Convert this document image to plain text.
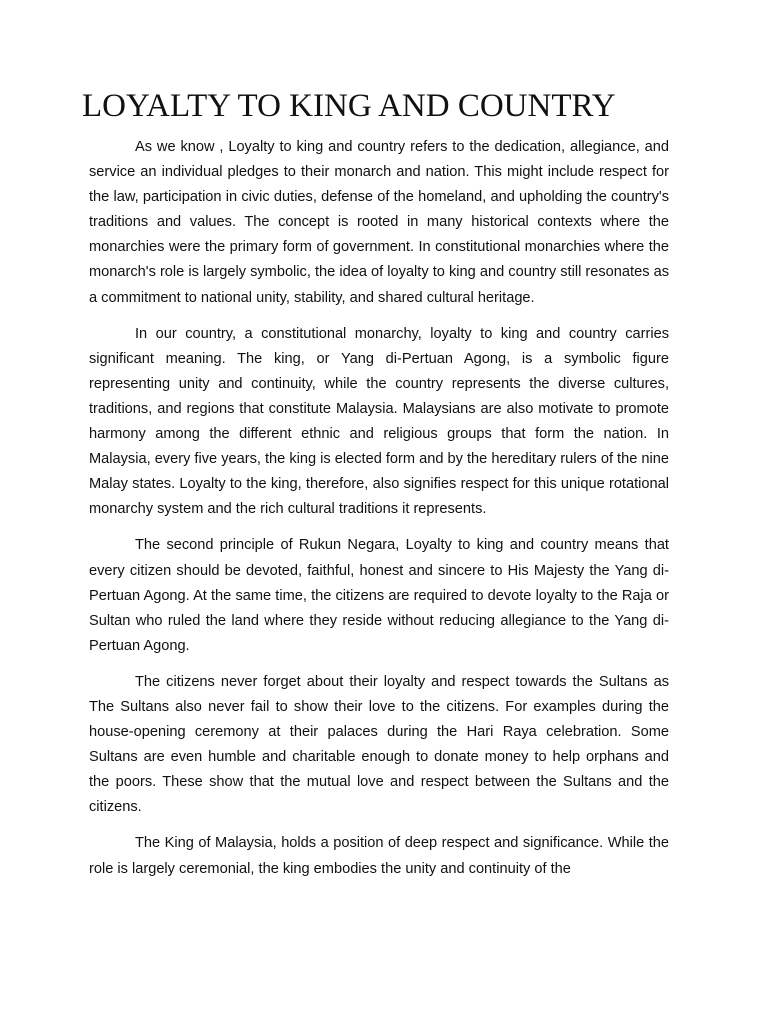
LOYALTY TO KING AND COUNTRY

As we know , Loyalty to king and country refers to the dedication, allegiance, and service an individual pledges to their monarch and nation. This might include respect for the law, participation in civic duties, defense of the homeland, and upholding the country's traditions and values. The concept is rooted in many historical contexts where the monarchies were the primary form of government. In constitutional monarchies where the monarch's role is largely symbolic, the idea of loyalty to king and country still resonates as a commitment to national unity, stability, and shared cultural heritage.

In our country, a constitutional monarchy, loyalty to king and country carries significant meaning. The king, or Yang di-Pertuan Agong, is a symbolic figure representing unity and continuity, while the country represents the diverse cultures, traditions, and regions that constitute Malaysia. Malaysians are also motivate to promote harmony among the different ethnic and religious groups that form the nation. In Malaysia, every five years, the king is elected form and by the hereditary rulers of the nine Malay states. Loyalty to the king, therefore, also signifies respect for this unique rotational monarchy system and the rich cultural traditions it represents.

The second principle of Rukun Negara, Loyalty to king and country means that every citizen should be devoted, faithful, honest and sincere to His Majesty the Yang di-Pertuan Agong. At the same time, the citizens are required to devote loyalty to the Raja or Sultan who ruled the land where they reside without reducing allegiance to the Yang di-Pertuan Agong.

The citizens never forget about their loyalty and respect towards the Sultans as The Sultans also never fail to show their love to the citizens. For examples during the house-opening ceremony at their palaces during the Hari Raya celebration. Some Sultans are even humble and charitable enough to donate money to help orphans and the poors. These show that the mutual love and respect between the Sultans and the citizens.

The King of Malaysia, holds a position of deep respect and significance. While the role is largely ceremonial, the king embodies the unity and continuity of the
